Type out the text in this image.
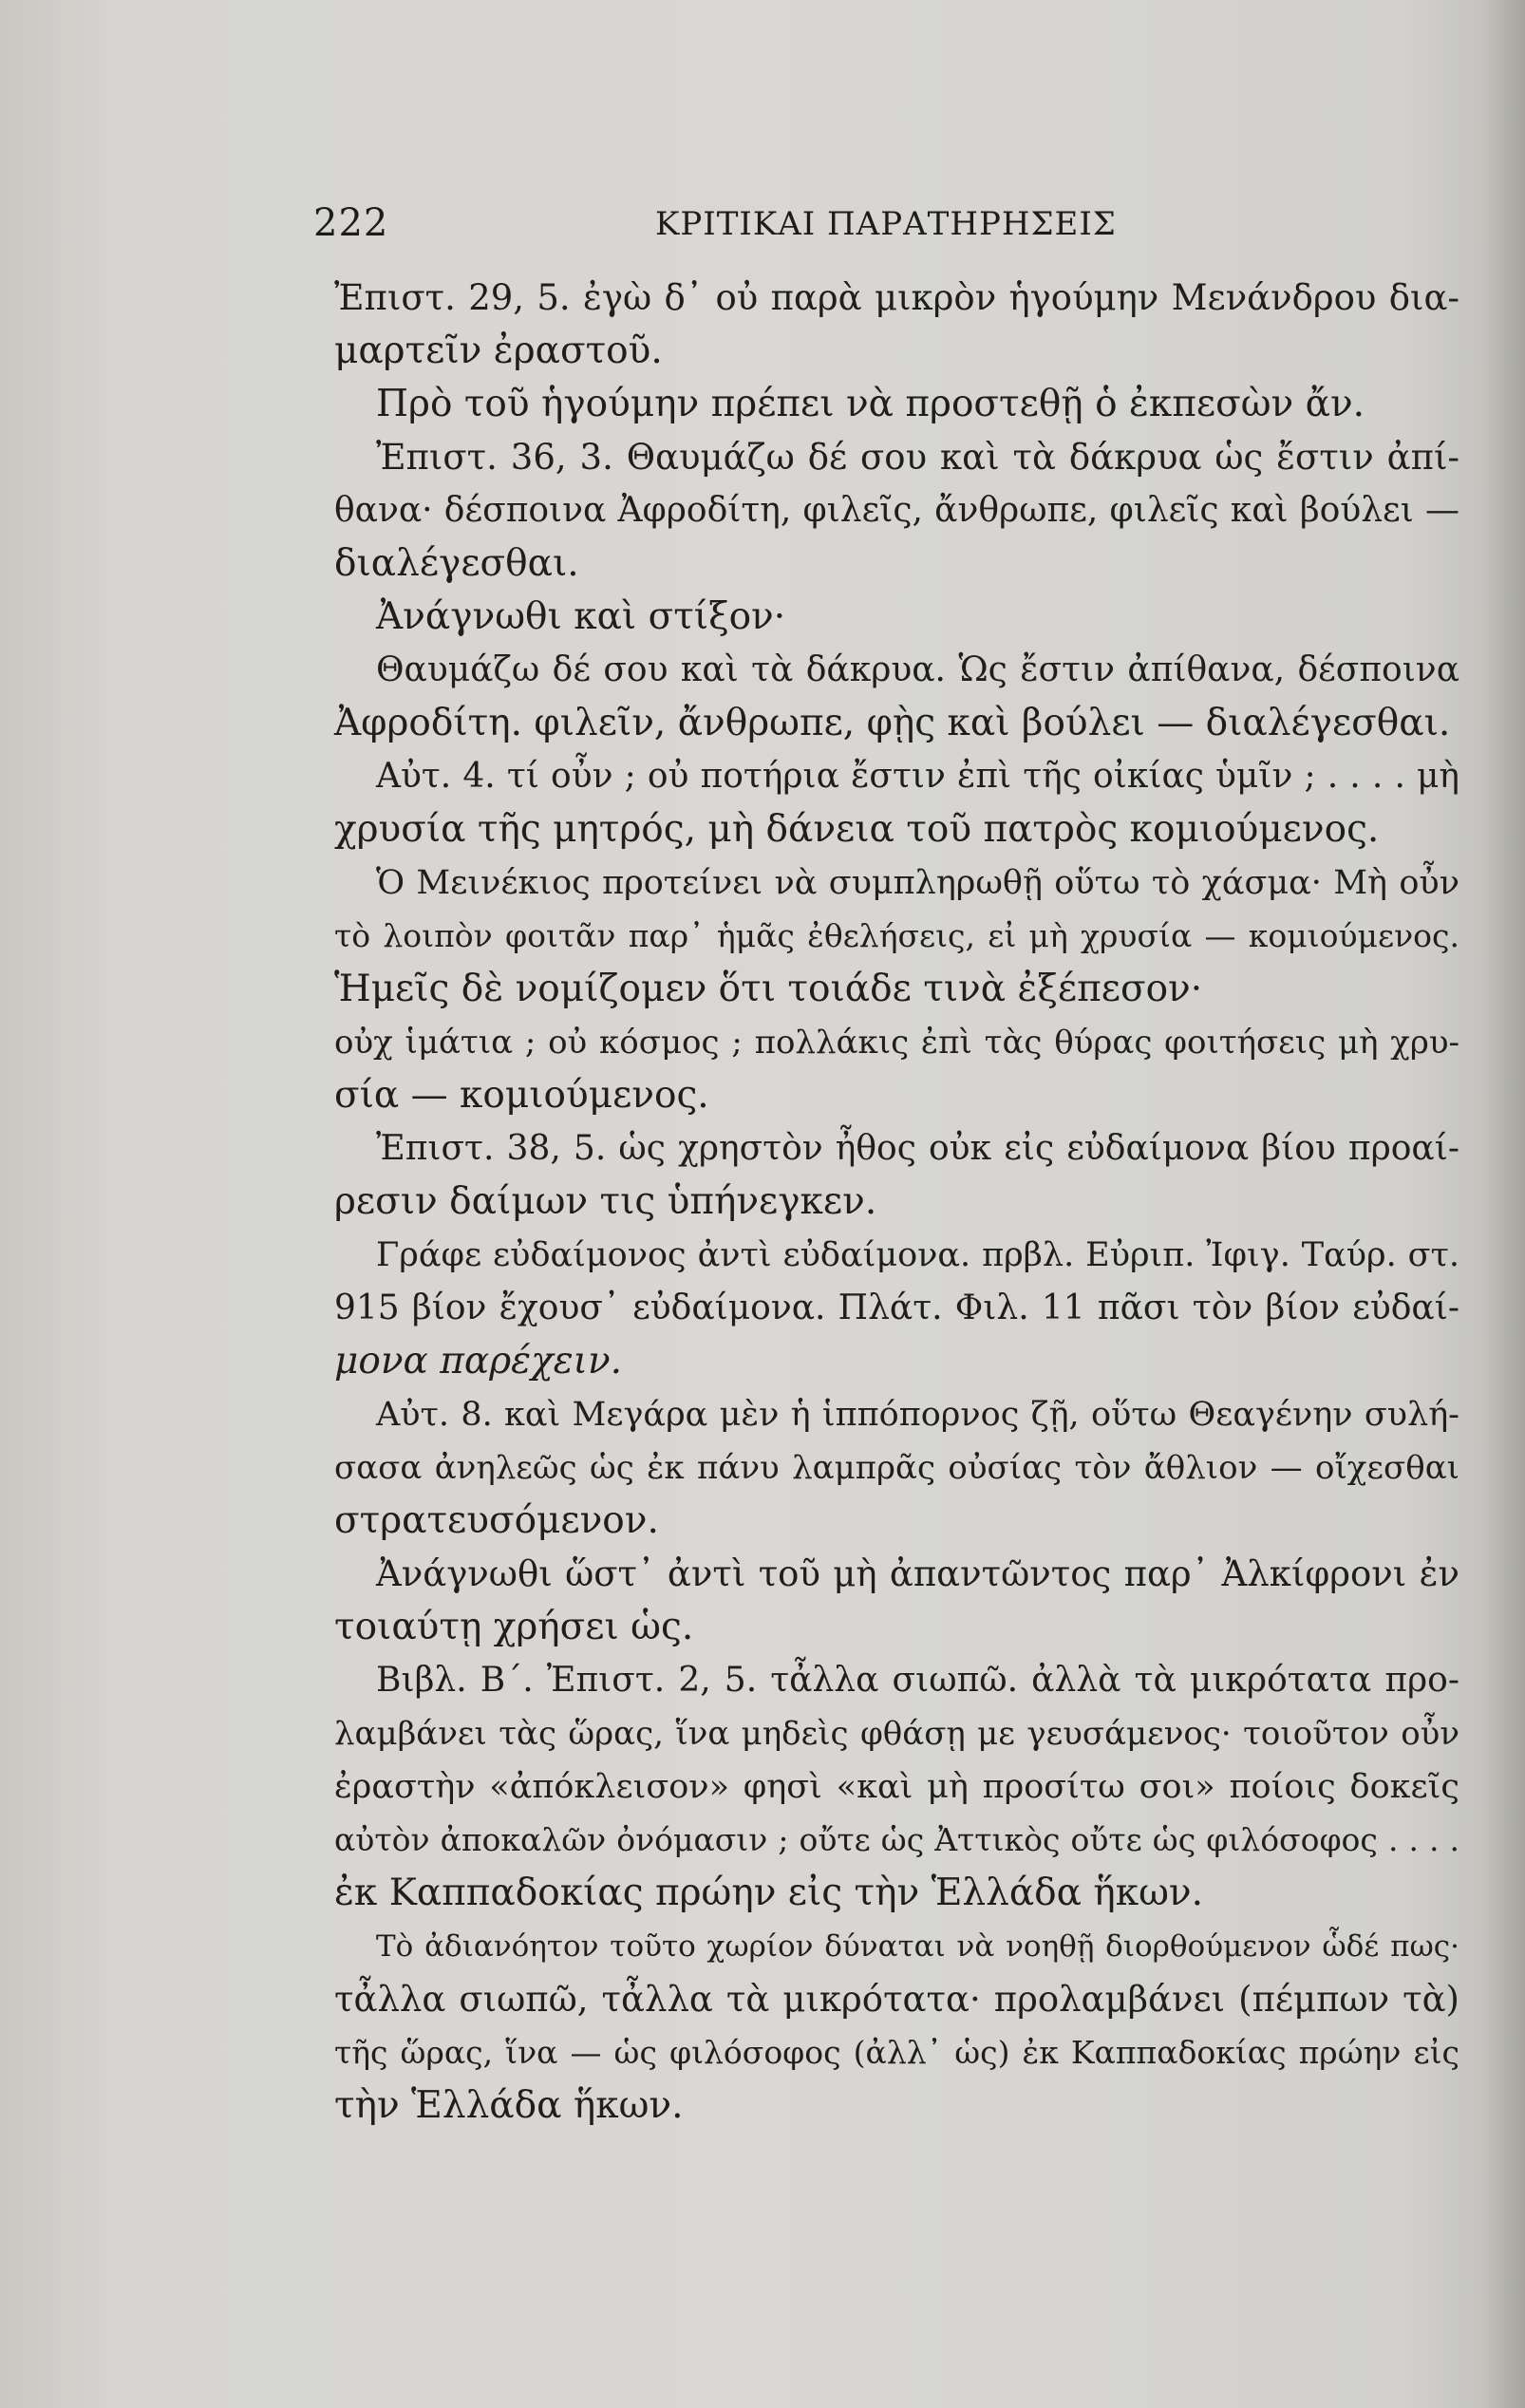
222	ΚΡΙΤΙΚΑΙ ΠΑΡΑΤΗΡΗΣΕΙΣ
Ἐπιστ. 29, 5. ἐγὼ δ᾽ οὐ παρὰ μικρὸν ἡγούμην Μενάνδρου δια-
μαρτεῖν ἐραστοῦ.
Πρὸ τοῦ ἡγούμην πρέπει νὰ προστεθῇ ὁ ἐκπεσὼν ἄν.
Ἐπιστ. 36, 3. Θαυμάζω δέ σου καὶ τὰ δάκρυα ὡς ἔστιν ἀπί-
θανα· δέσποινα Ἀφροδίτη, φιλεῖς, ἄνθρωπε, φιλεῖς καὶ βούλει —
διαλέγεσθαι.
Ἀνάγνωθι καὶ στίξον·
Θαυμάζω δέ σου καὶ τὰ δάκρυα. Ὡς ἔστιν ἀπίθανα, δέσποινα
Ἀφροδίτη. φιλεῖν, ἄνθρωπε, φῂς καὶ βούλει — διαλέγεσθαι.
Αὐτ. 4. τί οὖν ; οὐ ποτήρια ἔστιν ἐπὶ τῆς οἰκίας ὑμῖν ; . . . . μὴ
χρυσία τῆς μητρός, μὴ δάνεια τοῦ πατρὸς κομιούμενος.
Ὁ Μεινέκιος προτείνει νὰ συμπληρωθῇ οὕτω τὸ χάσμα· Μὴ οὖν
τὸ λοιπὸν φοιτᾶν παρ᾽ ἡμᾶς ἐθελήσεις, εἰ μὴ χρυσία — κομιούμενος.
Ἡμεῖς δὲ νομίζομεν ὅτι τοιάδε τινὰ ἐξέπεσον·
οὐχ ἱμάτια ; οὐ κόσμος ; πολλάκις ἐπὶ τὰς θύρας φοιτήσεις μὴ χρυ-
σία — κομιούμενος.
Ἐπιστ. 38, 5. ὡς χρηστὸν ἦθος οὐκ εἰς εὐδαίμονα βίου προαί-
ρεσιν δαίμων τις ὑπήνεγκεν.
Γράφε εὐδαίμονος ἀντὶ εὐδαίμονα. πρβλ. Εὐριπ. Ἰφιγ. Ταύρ. στ.
915 βίον ἔχουσ᾽ εὐδαίμονα. Πλάτ. Φιλ. 11 πᾶσι τὸν βίον εὐδαί-
μονα παρέχειν.
Αὐτ. 8. καὶ Μεγάρα μὲν ἡ ἱππόπορνος ζῇ, οὕτω Θεαγένην συλή-
σασα ἀνηλεῶς ὡς ἐκ πάνυ λαμπρᾶς οὐσίας τὸν ἄθλιον — οἴχεσθαι
στρατευσόμενον.
Ἀνάγνωθι ὥστ᾽ ἀντὶ τοῦ μὴ ἀπαντῶντος παρ᾽ Ἀλκίφρονι ἐν
τοιαύτῃ χρήσει ὡς.
Βιβλ. Β΄. Ἐπιστ. 2, 5. τἆλλα σιωπῶ. ἀλλὰ τὰ μικρότατα προ-
λαμβάνει τὰς ὥρας, ἵνα μηδεὶς φθάσῃ με γευσάμενος· τοιοῦτον οὖν
ἐραστὴν «ἀπόκλεισον» φησὶ «καὶ μὴ προσίτω σοι» ποίοις δοκεῖς
αὐτὸν ἀποκαλῶν ὀνόμασιν ; οὔτε ὡς Ἀττικὸς οὔτε ὡς φιλόσοφος . . . .
ἐκ Καππαδοκίας πρώην εἰς τὴν Ἑλλάδα ἥκων.
Τὸ ἀδιανόητον τοῦτο χωρίον δύναται νὰ νοηθῇ διορθούμενον ὧδέ πως·
τἆλλα σιωπῶ, τἆλλα τὰ μικρότατα· προλαμβάνει (πέμπων τὰ)
τῆς ὥρας, ἵνα — ὡς φιλόσοφος (ἀλλ᾽ ὡς) ἐκ Καππαδοκίας πρώην εἰς
τὴν Ἑλλάδα ἥκων.
